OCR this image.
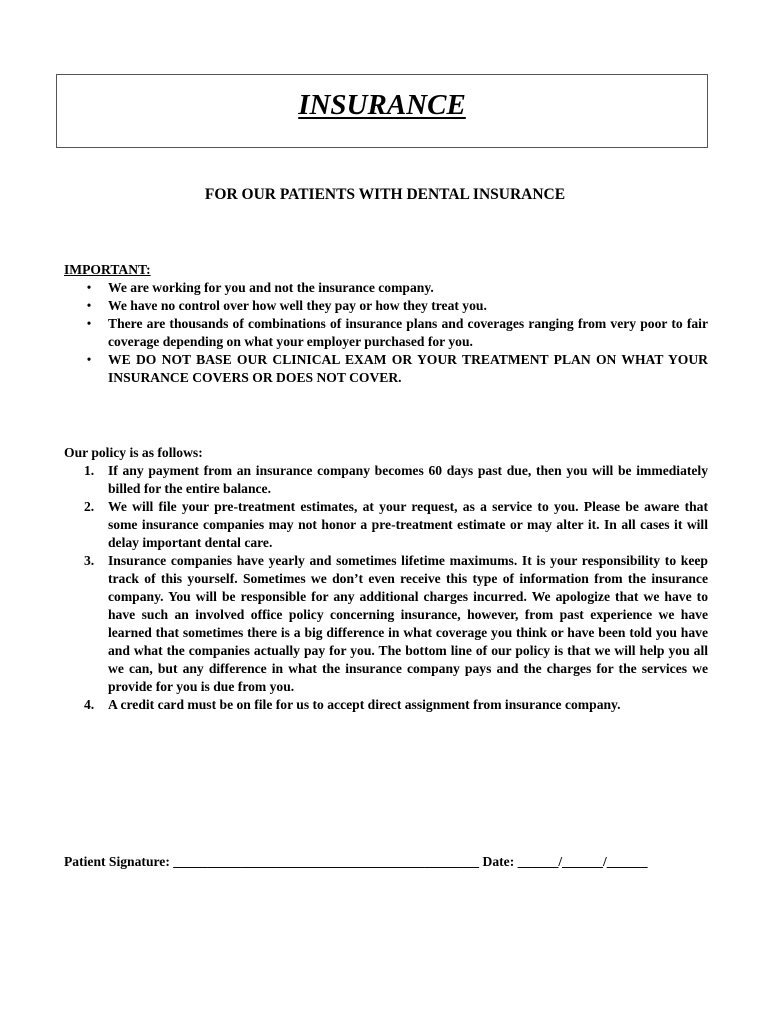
INSURANCE
FOR OUR PATIENTS WITH DENTAL INSURANCE
IMPORTANT:
• We are working for you and not the insurance company.
• We have no control over how well they pay or how they treat you.
• There are thousands of combinations of insurance plans and coverages ranging from very poor to fair coverage depending on what your employer purchased for you.
• WE DO NOT BASE OUR CLINICAL EXAM OR YOUR TREATMENT PLAN ON WHAT YOUR INSURANCE COVERS OR DOES NOT COVER.
Our policy is as follows:
1. If any payment from an insurance company becomes 60 days past due, then you will be immediately billed for the entire balance.
2. We will file your pre-treatment estimates, at your request, as a service to you. Please be aware that some insurance companies may not honor a pre-treatment estimate or may alter it. In all cases it will delay important dental care.
3. Insurance companies have yearly and sometimes lifetime maximums. It is your responsibility to keep track of this yourself. Sometimes we don’t even receive this type of information from the insurance company. You will be responsible for any additional charges incurred. We apologize that we have to have such an involved office policy concerning insurance, however, from past experience we have learned that sometimes there is a big difference in what coverage you think or have been told you have and what the companies actually pay for you. The bottom line of our policy is that we will help you all we can, but any difference in what the insurance company pays and the charges for the services we provide for you is due from you.
4. A credit card must be on file for us to accept direct assignment from insurance company.
Patient Signature: _____________________________________________ Date: ______/______/______
